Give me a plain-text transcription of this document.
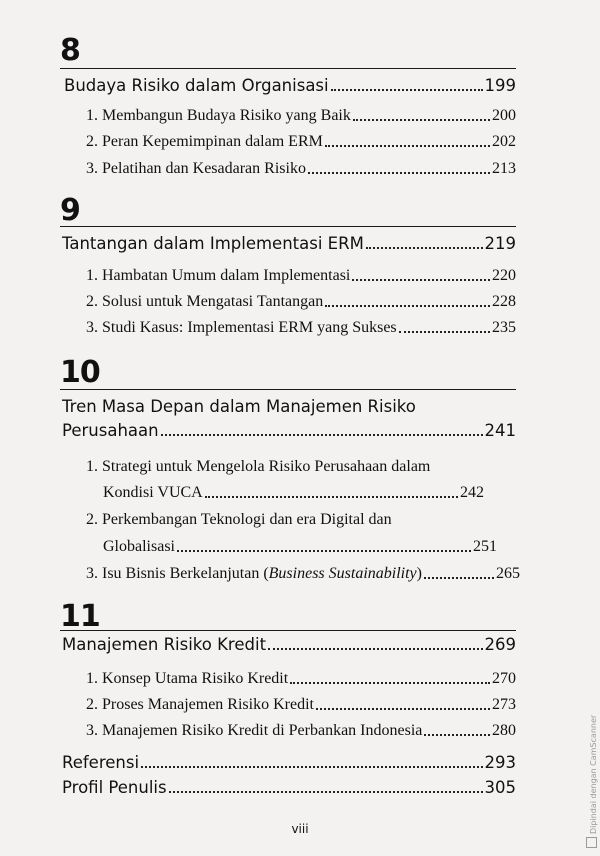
8
Budaya Risiko dalam Organisasi	199
1. Membangun Budaya Risiko yang Baik	200
2. Peran Kepemimpinan dalam ERM	202
3. Pelatihan dan Kesadaran Risiko	213
9
Tantangan dalam Implementasi ERM	219
1. Hambatan Umum dalam Implementasi	220
2. Solusi untuk Mengatasi Tantangan	228
3. Studi Kasus: Implementasi ERM yang Sukses	235
10
Tren Masa Depan dalam Manajemen Risiko
Perusahaan	241
1. Strategi untuk Mengelola Risiko Perusahaan dalam
Kondisi VUCA	242
2. Perkembangan Teknologi dan era Digital dan
Globalisasi	251
3. Isu Bisnis Berkelanjutan (Business Sustainability)	265
11
Manajemen Risiko Kredit	269
1. Konsep Utama Risiko Kredit	270
2. Proses Manajemen Risiko Kredit	273
3. Manajemen Risiko Kredit di Perbankan Indonesia	280
Referensi	293
Profil Penulis	305
viii	Dipindai dengan CamScanner
